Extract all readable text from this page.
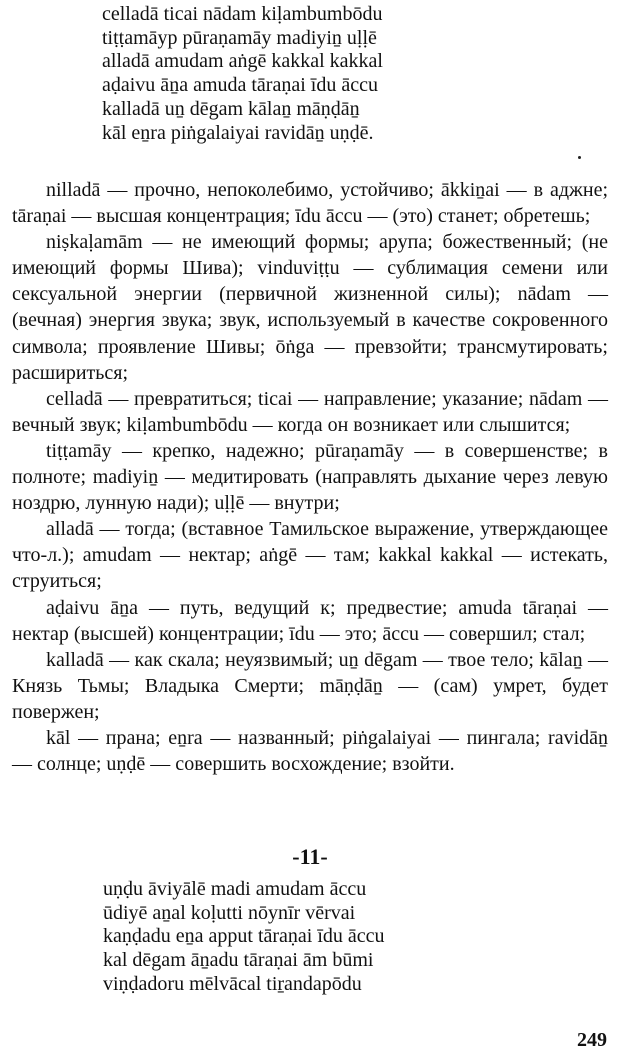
celladā ticai nādam kiḷambumbōdu
tiṭṭamāyp pūraṇamāy madiyiṉ uḷḷē
alladā amudam aṅgē kakkal kakkal
aḍaivu āṉa amuda tāraṇai īdu āccu
kalladā uṉ dēgam kālaṉ māṇḍāṉ
kāl eṉra piṅgalaiyai ravidāṉ uṇḍē.

nilladā — прочно, непоколебимо, устойчиво; ākkiṉai — в аджне; tāraṇai — высшая концентрация; īdu āccu — (это) станет; обретешь;

niṣkaḷamām — не имеющий формы; арупа; божественный; (не имеющий формы Шива); vinduviṭṭu — сублимация семени или сексуальной энергии (первичной жизненной силы); nādam — (вечная) энергия звука; звук, используемый в качестве сокровенного символа; проявление Шивы; ōṅga — превзойти; трансмутировать; расшириться;

celladā — превратиться; ticai — направление; указание; nādam — вечный звук; kiḷambumbōdu — когда он возникает или слышится;

tiṭṭamāy — крепко, надежно; pūraṇamāy — в совершенстве; в полноте; madiyiṉ — медитировать (направлять дыхание через левую ноздрю, лунную нади); uḷḷē — внутри;

alladā — тогда; (вставное Тамильское выражение, утверждающее что-л.); amudam — нектар; aṅgē — там; kakkal kakkal — истекать, струиться;

aḍaivu āṉa — путь, ведущий к; предвестие; amuda tāraṇai — нектар (высшей) концентрации; īdu — это; āccu — совершил; стал;

kalladā — как скала; неуязвимый; uṉ dēgam — твое тело; kālaṉ — Князь Тьмы; Владыка Смерти; māṇḍāṉ — (сам) умрет, будет повержен;

kāl — прана; eṉra — названный; piṅgalaiyai — пингала; ravidāṉ — солнце; uṇḍē — совершить восхождение; взойти.

-11-
uṇḍu āviyālē madi amudam āccu
ūdiyē aṉal koḷutti nōynīr vērvai
kaṇḍadu eṉa apput tāraṇai īdu āccu
kal dēgam āṉadu tāraṇai ām būmi
viṇḍadoru mēlvācal tiṟandapōdu
249
